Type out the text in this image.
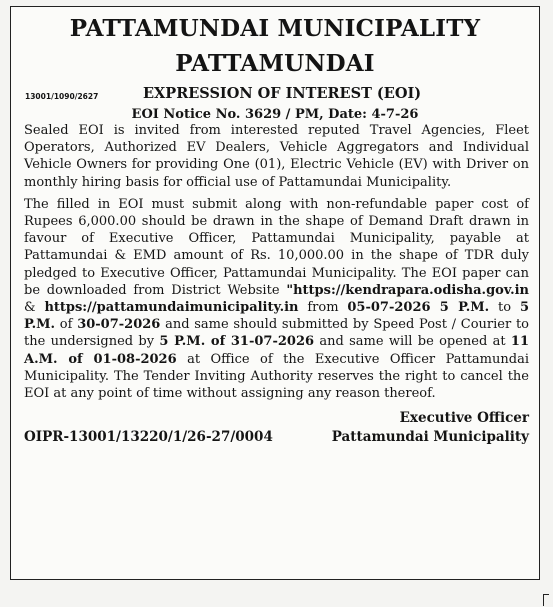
PATTAMUNDAI MUNICIPALITY
PATTAMUNDAI
13001/1090/2627	EXPRESSION OF INTEREST (EOI)
EOI Notice No. 3629 / PM, Date: 4-7-26

Sealed EOI is invited from interested reputed Travel Agencies, Fleet Operators, Authorized EV Dealers, Vehicle Aggregators and Individual Vehicle Owners for providing One (01), Electric Vehicle (EV) with Driver on monthly hiring basis for official use of Pattamundai Municipality.

The filled in EOI must submit along with non-refundable paper cost of Rupees 6,000.00 should be drawn in the shape of Demand Draft drawn in favour of Executive Officer, Pattamundai Municipality, payable at Pattamundai & EMD amount of Rs. 10,000.00 in the shape of TDR duly pledged to Executive Officer, Pattamundai Municipality. The EOI paper can be downloaded from District Website "https://kendrapara.odisha.gov.in & https://pattamundaimunicipality.in from 05-07-2026 5 P.M. to 5 P.M. of 30-07-2026 and same should submitted by Speed Post / Courier to the undersigned by 5 P.M. of 31-07-2026 and same will be opened at 11 A.M. of 01-08-2026 at Office of the Executive Officer Pattamundai Municipality. The Tender Inviting Authority reserves the right to cancel the EOI at any point of time without assigning any reason thereof.

Executive Officer
OIPR-13001/13220/1/26-27/0004	Pattamundai Municipality
